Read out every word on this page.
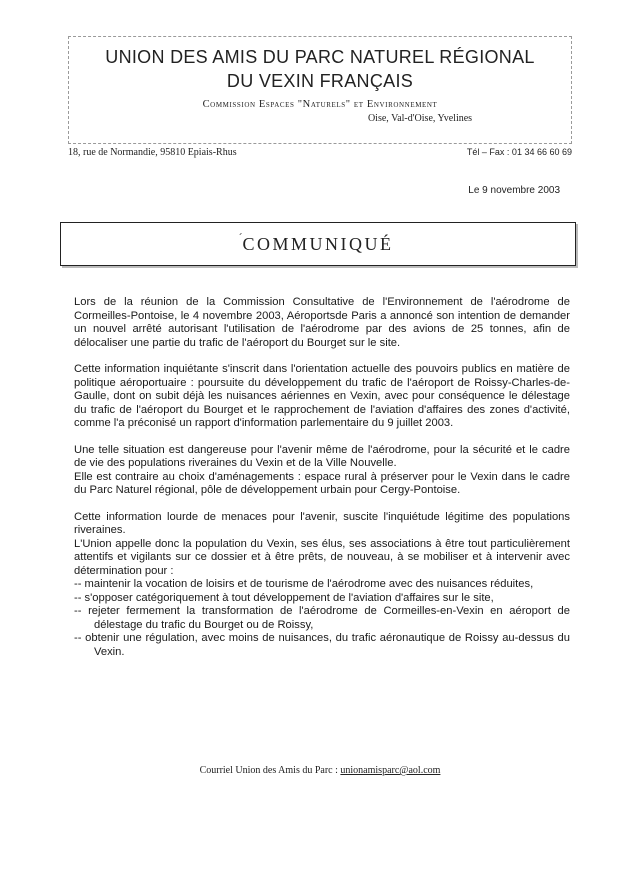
UNION DES AMIS DU PARC NATUREL RÉGIONAL
DU VEXIN FRANÇAIS
Commission Espaces "Naturels" et Environnement
Oise, Val-d'Oise, Yvelines
18, rue de Normandie, 95810 Epiais-Rhus	Tél – Fax : 01 34 66 60 69
Le 9 novembre 2003
´ COMMUNIQUÉ

Lors de la réunion de la Commission Consultative de l'Environnement de l'aérodrome de Cormeilles-Pontoise, le 4 novembre 2003, Aéroportsde Paris a annoncé son intention de demander un nouvel arrêté autorisant l'utilisation de l'aérodrome par des avions de 25 tonnes, afin de délocaliser une partie du trafic de l'aéroport du Bourget sur le site.

Cette information inquiétante s'inscrit dans l'orientation actuelle des pouvoirs publics en matière de politique aéroportuaire : poursuite du développement du trafic de l'aéroport de Roissy-Charles-de-Gaulle, dont on subit déjà les nuisances aériennes en Vexin, avec pour conséquence le délestage du trafic de l'aéroport du Bourget et le rapprochement de l'aviation d'affaires des zones d'activité, comme l'a préconisé un rapport d'information parlementaire du 9 juillet 2003.

Une telle situation est dangereuse pour l'avenir même de l'aérodrome, pour la sécurité et le cadre de vie des populations riveraines du Vexin et de la Ville Nouvelle.

Elle est contraire au choix d'aménagements : espace rural à préserver pour le Vexin dans le cadre du Parc Naturel régional, pôle de développement urbain pour Cergy-Pontoise.

Cette information lourde de menaces pour l'avenir, suscite l'inquiétude légitime des populations riveraines.

L'Union appelle donc la population du Vexin, ses élus, ses associations à être tout particulièrement attentifs et vigilants sur ce dossier et à être prêts, de nouveau, à se mobiliser et à intervenir avec détermination pour :

-- maintenir la vocation de loisirs et de tourisme de l'aérodrome avec des nuisances réduites,
-- s'opposer catégoriquement à tout développement de l'aviation d'affaires sur le site,
-- rejeter fermement la transformation de l'aérodrome de Cormeilles-en-Vexin en aéroport de délestage du trafic du Bourget ou de Roissy,
-- obtenir une régulation, avec moins de nuisances, du trafic aéronautique de Roissy au-dessus du Vexin.
Courriel Union des Amis du Parc : unionamisparc@aol.com
